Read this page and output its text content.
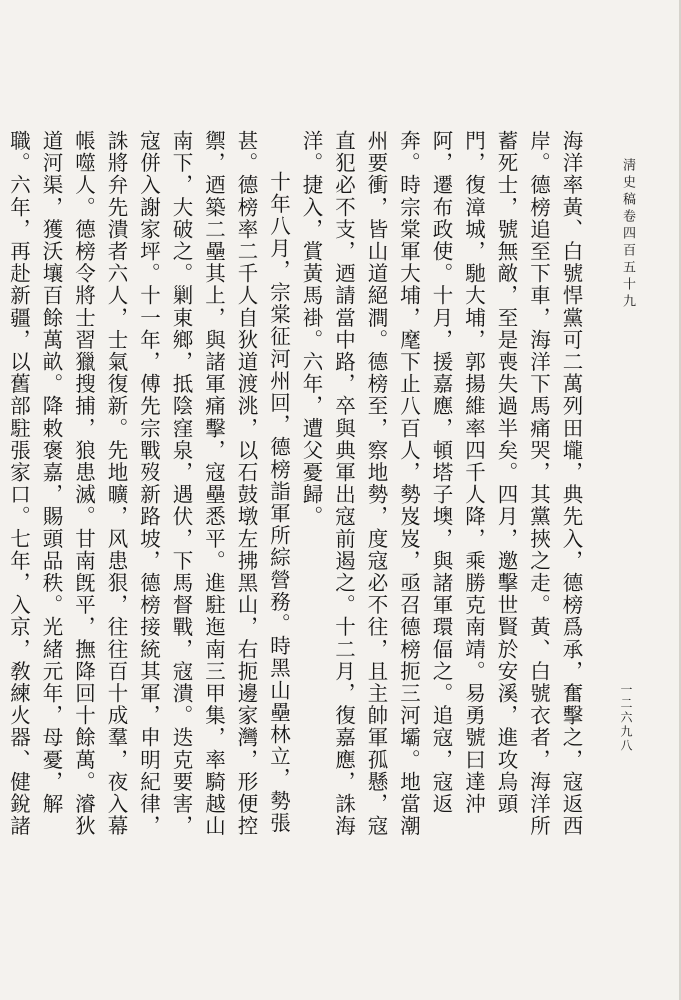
淸史稿卷四百五十九
一二六九八

海洋率黃、白號悍黨可二萬列田壠，典先入，德榜爲承，奮擊之，寇返西岸。德榜追至下車，海洋下馬痛哭，其黨挾之走。黃、白號衣者，海洋所蓄死士，號無敵，至是喪失過半矣。四月，邀擊世賢於安溪，進攻烏頭門，復漳城，馳大埔，郭揚維率四千人降，乘勝克南靖。易勇號曰達沖阿，遷布政使。十月，援嘉應，頓塔子墺，與諸軍環偪之。追寇，寇返奔。時宗棠軍大埔，麾下止八百人，勢岌岌，亟召德榜扼三河壩。地當潮州要衝，皆山道絕澗。德榜至，察地勢，度寇必不往，且主帥軍孤懸，寇直犯必不支，迺請當中路，卒與典軍出寇前遏之。十二月，復嘉應，誅海洋。捷入，賞黃馬褂。六年，遭父憂歸。

十年八月，宗棠征河州回，德榜詣軍所綜營務。時黑山壘林立，勢張甚。德榜率二千人自狄道渡洮，以石鼓墩左拂黑山，右扼邊家灣，形便控禦，迺築二壘其上，與諸軍痛擊，寇壘悉平。進駐迤南三甲集，率騎越山南下，大破之。剿東鄉，抵陰窪泉，遇伏，下馬督戰，寇潰。迭克要害，寇併入謝家坪。十一年，傅先宗戰歿新路坡，德榜接統其軍，申明紀律，誅將弁先潰者六人，士氣復新。先地曠，风患狠，往往百十成羣，夜入幕帳噬人。德榜令將士習獵搜捕，狼患滅。甘南旣平，撫降回十餘萬。濬狄道河渠，獲沃壤百餘萬畝。降敕褒嘉，賜頭品秩。光緒元年，母憂，解職。六年，再赴新疆，以舊部駐張家口。七年，入京，敎練火器、健銳諸
